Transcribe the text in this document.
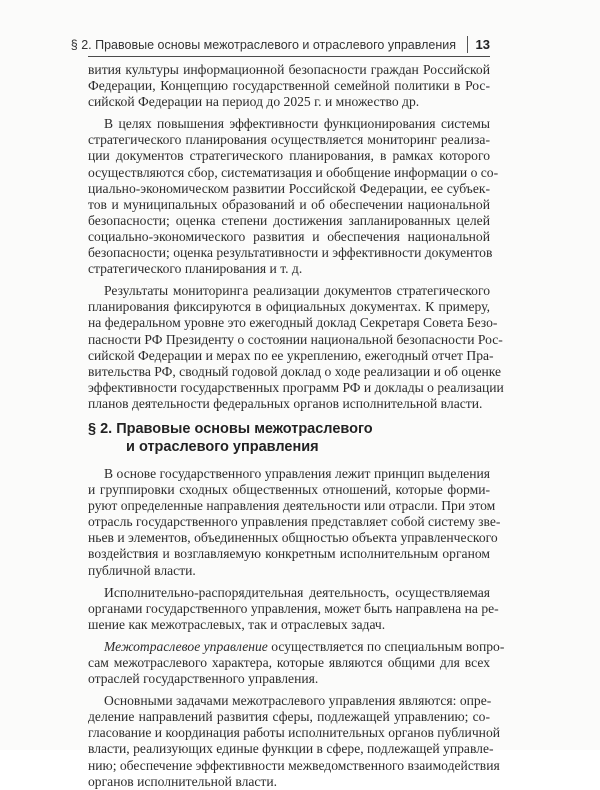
§ 2. Правовые основы межотраслевого и отраслевого управления 13
вития культуры информационной безопасности граждан Российской
Федерации, Концепцию государственной семейной политики в Рос-
сийской Федерации на период до 2025 г. и множество др.
В целях повышения эффективности функционирования системы
стратегического планирования осуществляется мониторинг реализа-
ции документов стратегического планирования, в рамках которого
осуществляются сбор, систематизация и обобщение информации о со-
циально-экономическом развитии Российской Федерации, ее субъек-
тов и муниципальных образований и об обеспечении национальной
безопасности; оценка степени достижения запланированных целей
социально-экономического развития и обеспечения национальной
безопасности; оценка результативности и эффективности документов
стратегического планирования и т. д.
Результаты мониторинга реализации документов стратегического
планирования фиксируются в официальных документах. К примеру,
на федеральном уровне это ежегодный доклад Секретаря Совета Безо-
пасности РФ Президенту о состоянии национальной безопасности Рос-
сийской Федерации и мерах по ее укреплению, ежегодный отчет Пра-
вительства РФ, сводный годовой доклад о ходе реализации и об оценке
эффективности государственных программ РФ и доклады о реализации
планов деятельности федеральных органов исполнительной власти.
§ 2. Правовые основы межотраслевого
и отраслевого управления
В основе государственного управления лежит принцип выделения
и группировки сходных общественных отношений, которые форми-
руют определенные направления деятельности или отрасли. При этом
отрасль государственного управления представляет собой систему зве-
ньев и элементов, объединенных общностью объекта управленческого
воздействия и возглавляемую конкретным исполнительным органом
публичной власти.
Исполнительно-распорядительная деятельность, осуществляемая
органами государственного управления, может быть направлена на ре-
шение как межотраслевых, так и отраслевых задач.
Межотраслевое управление осуществляется по специальным вопро-
сам межотраслевого характера, которые являются общими для всех
отраслей государственного управления.
Основными задачами межотраслевого управления являются: опре-
деление направлений развития сферы, подлежащей управлению; со-
гласование и координация работы исполнительных органов публичной
власти, реализующих единые функции в сфере, подлежащей управле-
нию; обеспечение эффективности межведомственного взаимодействия
органов исполнительной власти.
